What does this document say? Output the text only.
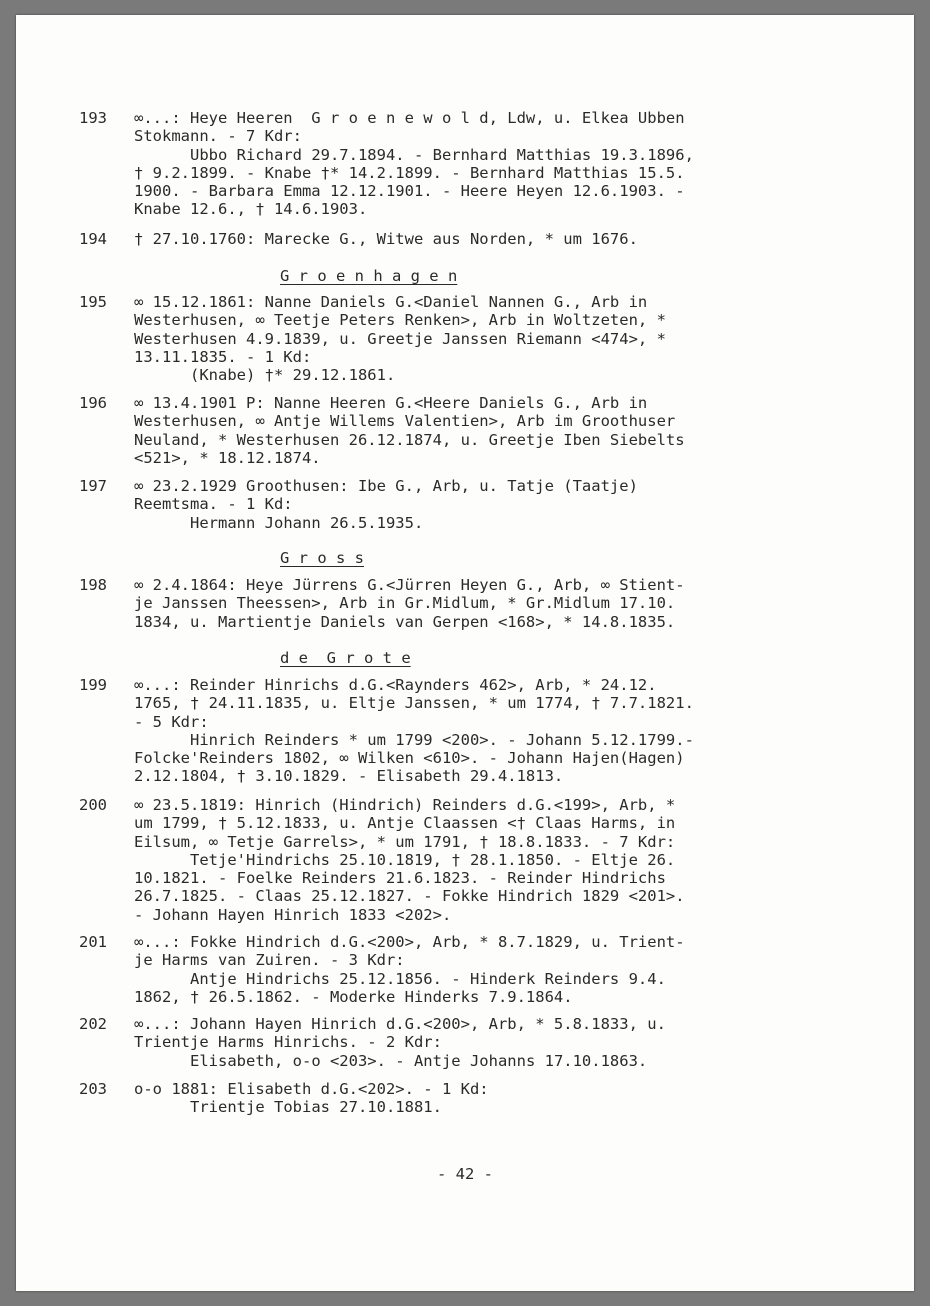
193	∞...: Heye Heeren  G r o e n e w o l d, Ldw, u. Elkea Ubben
Stokmann. - 7 Kdr:
Ubbo Richard 29.7.1894. - Bernhard Matthias 19.3.1896,
† 9.2.1899. - Knabe †* 14.2.1899. - Bernhard Matthias 15.5.
1900. - Barbara Emma 12.12.1901. - Heere Heyen 12.6.1903. -
Knabe 12.6., † 14.6.1903.
194	† 27.10.1760: Marecke G., Witwe aus Norden, * um 1676.
G r o e n h a g e n
195	∞ 15.12.1861: Nanne Daniels G.<Daniel Nannen G., Arb in
Westerhusen, ∞ Teetje Peters Renken>, Arb in Woltzeten, *
Westerhusen 4.9.1839, u. Greetje Janssen Riemann <474>, *
13.11.1835. - 1 Kd:
(Knabe) †* 29.12.1861.
196	∞ 13.4.1901 P: Nanne Heeren G.<Heere Daniels G., Arb in
Westerhusen, ∞ Antje Willems Valentien>, Arb im Groothuser
Neuland, * Westerhusen 26.12.1874, u. Greetje Iben Siebelts
<521>, * 18.12.1874.
197	∞ 23.2.1929 Groothusen: Ibe G., Arb, u. Tatje (Taatje)
Reemtsma. - 1 Kd:
Hermann Johann 26.5.1935.
G r o s s
198	∞ 2.4.1864: Heye Jürrens G.<Jürren Heyen G., Arb, ∞ Stient-
je Janssen Theessen>, Arb in Gr.Midlum, * Gr.Midlum 17.10.
1834, u. Martientje Daniels van Gerpen <168>, * 14.8.1835.
d e  G r o t e
199	∞...: Reinder Hinrichs d.G.<Raynders 462>, Arb, * 24.12.
1765, † 24.11.1835, u. Eltje Janssen, * um 1774, † 7.7.1821.
- 5 Kdr:
Hinrich Reinders * um 1799 <200>. - Johann 5.12.1799.-
Folcke'Reinders 1802, ∞ Wilken <610>. - Johann Hajen(Hagen)
2.12.1804, † 3.10.1829. - Elisabeth 29.4.1813.
200	∞ 23.5.1819: Hinrich (Hindrich) Reinders d.G.<199>, Arb, *
um 1799, † 5.12.1833, u. Antje Claassen <† Claas Harms, in
Eilsum, ∞ Tetje Garrels>, * um 1791, † 18.8.1833. - 7 Kdr:
Tetje'Hindrichs 25.10.1819, † 28.1.1850. - Eltje 26.
10.1821. - Foelke Reinders 21.6.1823. - Reinder Hindrichs
26.7.1825. - Claas 25.12.1827. - Fokke Hindrich 1829 <201>.
- Johann Hayen Hinrich 1833 <202>.
201	∞...: Fokke Hindrich d.G.<200>, Arb, * 8.7.1829, u. Trient-
je Harms van Zuiren. - 3 Kdr:
Antje Hindrichs 25.12.1856. - Hinderk Reinders 9.4.
1862, † 26.5.1862. - Moderke Hinderks 7.9.1864.
202	∞...: Johann Hayen Hinrich d.G.<200>, Arb, * 5.8.1833, u.
Trientje Harms Hinrichs. - 2 Kdr:
Elisabeth, o-o <203>. - Antje Johanns 17.10.1863.
203	o-o 1881: Elisabeth d.G.<202>. - 1 Kd:
Trientje Tobias 27.10.1881.
- 42 -
